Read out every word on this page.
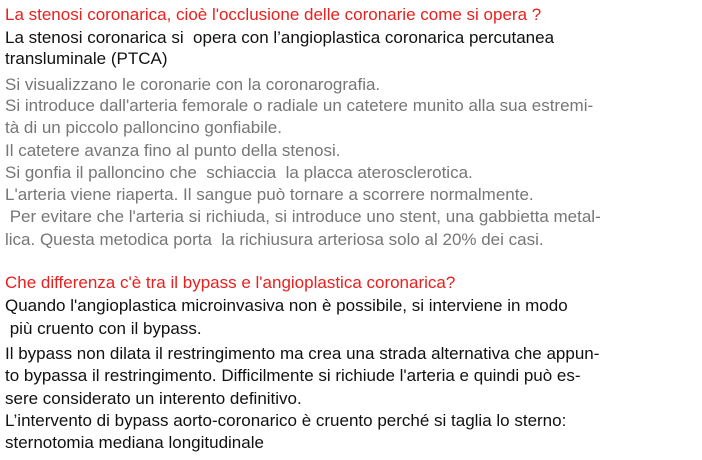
La stenosi coronarica, cioè l'occlusione delle coronarie come si opera ?
La stenosi coronarica si  opera con l’angioplastica coronarica percutanea
transluminale (PTCA)
Si visualizzano le coronarie con la coronarografia.
Si introduce dall'arteria femorale o radiale un catetere munito alla sua estremi-
tà di un piccolo palloncino gonfiabile.
Il catetere avanza fino al punto della stenosi.
Si gonfia il palloncino che  schiaccia  la placca aterosclerotica.
L'arteria viene riaperta. Il sangue può tornare a scorrere normalmente.
Per evitare che l'arteria si richiuda, si introduce uno stent, una gabbietta metal-
lica. Questa metodica porta  la richiusura arteriosa solo al 20% dei casi.
Che differenza c'è tra il bypass e l'angioplastica coronarica?
Quando l'angioplastica microinvasiva non è possibile, si interviene in modo
più cruento con il bypass.
Il bypass non dilata il restringimento ma crea una strada alternativa che appun-
to bypassa il restringimento. Difficilmente si richiude l'arteria e quindi può es-
sere considerato un interento definitivo.
L’intervento di bypass aorto-coronarico è cruento perché si taglia lo sterno:
sternotomia mediana longitudinale
